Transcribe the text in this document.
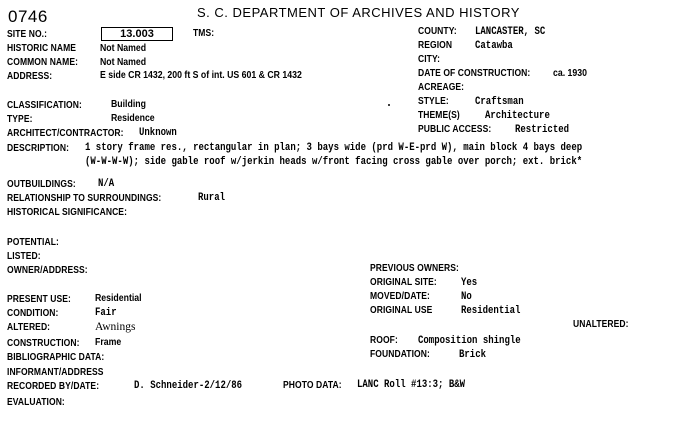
0746	S. C. DEPARTMENT OF ARCHIVES AND HISTORY
SITE NO.:	13.003	TMS:	COUNTY: LANCASTER, SC
HISTORIC NAME Not Named	REGION Catawba
COMMON NAME: Not Named	CITY:
ADDRESS:	E side CR 1432, 200 ft S of int. US 601 & CR 1432	DATE OF CONSTRUCTION: ca. 1930
ACREAGE:
STYLE: Craftsman
CLASSIFICATION:	Building
THEME(S) Architecture
TYPE:	Residence
ARCHITECT/CONTRACTOR: Unknown	PUBLIC ACCESS: Restricted
DESCRIPTION: 1 story frame res., rectangular in plan; 3 bays wide (prd W-E-prd W), main block 4 bays deep
(W-W-W-W); side gable roof w/jerkin heads w/front facing cross gable over porch; ext. brick*
OUTBUILDINGS: N/A
RELATIONSHIP TO SURROUNDINGS:	Rural
HISTORICAL SIGNIFICANCE:
POTENTIAL:
LISTED:
OWNER/ADDRESS:	PREVIOUS OWNERS:
ORIGINAL SITE: Yes
PRESENT USE: Residential	MOVED/DATE:	No
CONDITION:	Fair	ORIGINAL USE	Residential
ALTERED:	Awnings	UNALTERED:
CONSTRUCTION: Frame	ROOF: Composition shingle
BIBLIOGRAPHIC DATA:	FOUNDATION:	Brick
INFORMANT/ADDRESS
RECORDED BY/DATE:	D. Schneider-2/12/86	PHOTO DATA: LANC Roll #13:3; B&W
EVALUATION:
